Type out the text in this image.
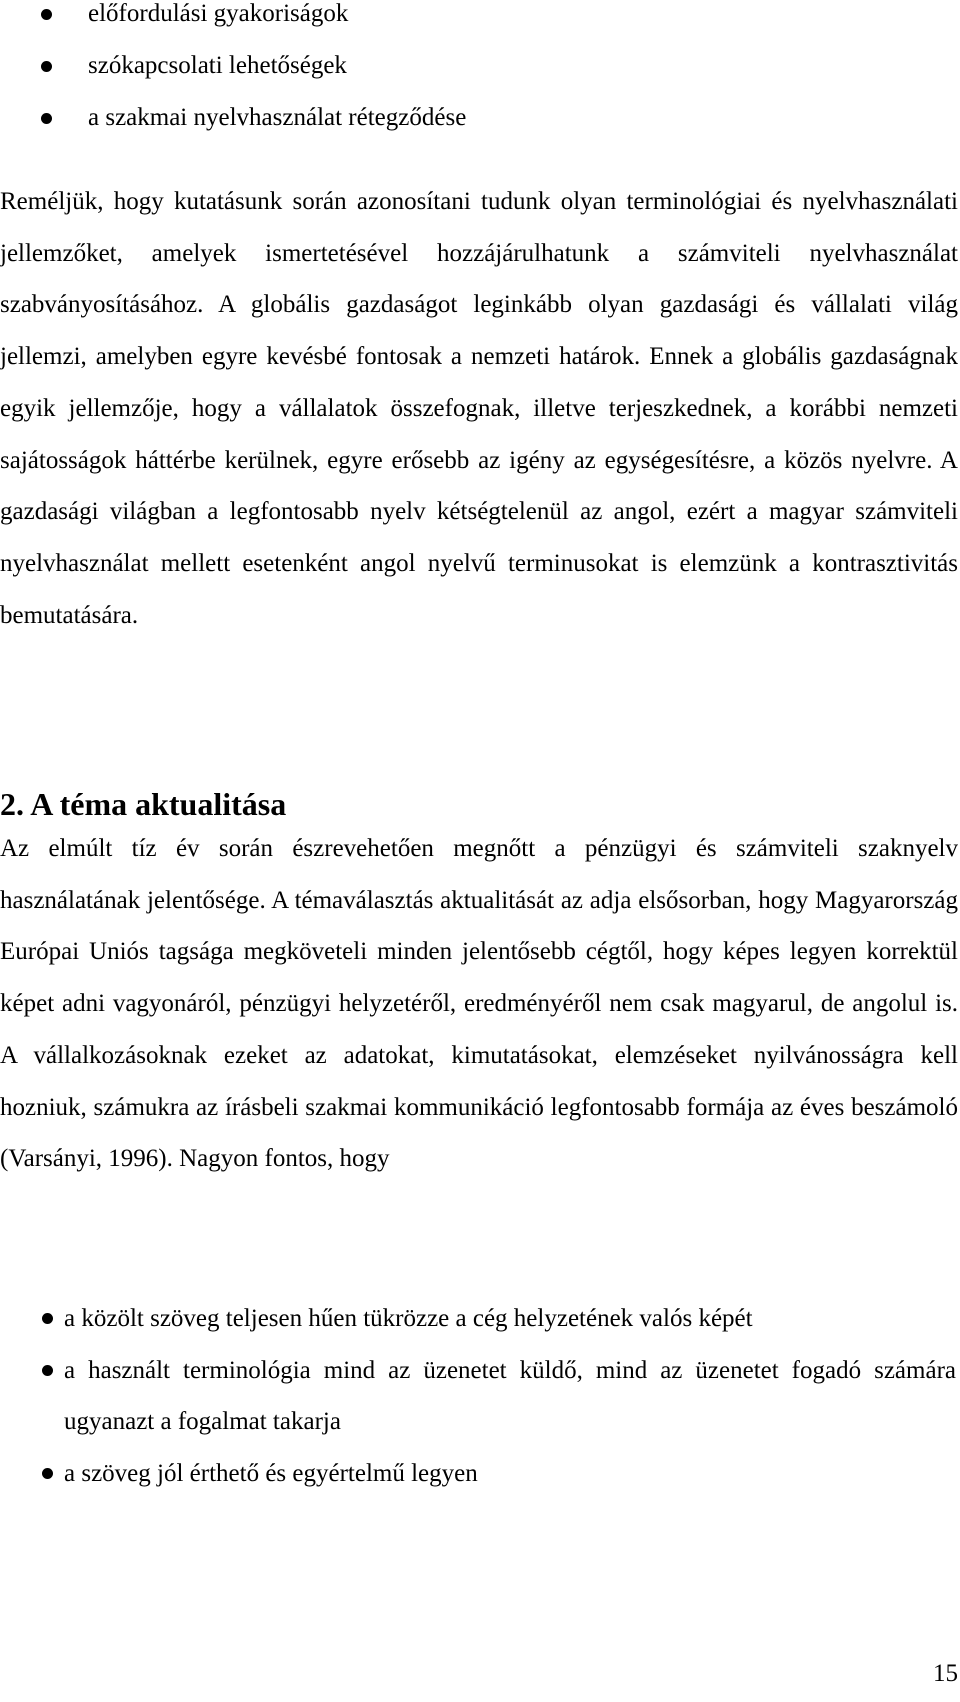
előfordulási gyakoriságok
szókapcsolati lehetőségek
a szakmai nyelvhasználat rétegződése

Reméljük, hogy kutatásunk során azonosítani tudunk olyan terminológiai és nyelvhasználati jellemzőket, amelyek ismertetésével hozzájárulhatunk a számviteli nyelvhasználat szabványosításához. A globális gazdaságot leginkább olyan gazdasági és vállalati világ jellemzi, amelyben egyre kevésbé fontosak a nemzeti határok. Ennek a globális gazdaságnak egyik jellemzője, hogy a vállalatok összefognak, illetve terjeszkednek, a korábbi nemzeti sajátosságok háttérbe kerülnek, egyre erősebb az igény az egységesítésre, a közös nyelvre. A gazdasági világban a legfontosabb nyelv kétségtelenül az angol, ezért a magyar számviteli nyelvhasználat mellett esetenként angol nyelvű terminusokat is elemzünk a kontrasztivitás bemutatására.

2. A téma aktualitása

Az elmúlt tíz év során észrevehetően megnőtt a pénzügyi és számviteli szaknyelv használatának jelentősége. A témaválasztás aktualitását az adja elsősorban, hogy Magyarország Európai Uniós tagsága megköveteli minden jelentősebb cégtől, hogy képes legyen korrektül képet adni vagyonáról, pénzügyi helyzetéről, eredményéről nem csak magyarul, de angolul is. A vállalkozásoknak ezeket az adatokat, kimutatásokat, elemzéseket nyilvánosságra kell hozniuk, számukra az írásbeli szakmai kommunikáció legfontosabb formája az éves beszámoló (Varsányi, 1996). Nagyon fontos, hogy

a közölt szöveg teljesen hűen tükrözze a cég helyzetének valós képét
a használt terminológia mind az üzenetet küldő, mind az üzenetet fogadó számára ugyanazt a fogalmat takarja
a szöveg jól érthető és egyértelmű legyen

15
